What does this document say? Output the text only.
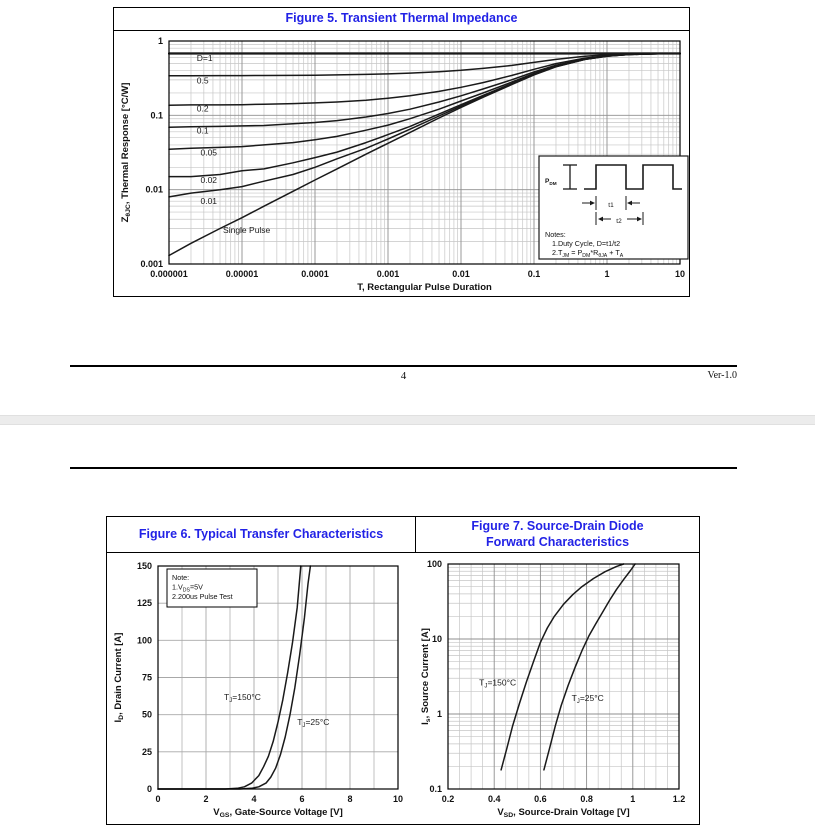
Figure 5. Transient Thermal Impedance
0.000001	0.00001	0.0001	0.001	0.01	0.1	1	10
1
0.1
0.01
0.001
T, Rectangular Pulse Duration
$Z_{\theta JC}$, Thermal Response [°C/W]
D=1
0.5
0.2
0.1
0.05
0.02
0.01
Single Pulse
$P_{DM}$
t1
t2
Notes:
1.Duty Cycle, D=t1/t2
$2.T_{JM} = P_{DM}*R_{\theta JA} + T_A$
4	Ver-1.0
Figure 6. Typical Transfer Characteristics
Figure 7. Source-Drain Diode Forward Characteristics
0	2	4	6	8	10
0
25
50
75
100
125
150
$V_{GS}$, Gate-Source Voltage [V]
$I_D$, Drain Current [A]
Note:
$1.V_{DS}=5V$
2.200us Pulse Test
$T_J=150^\circ C$
$T_J=25^\circ C$
0.2	0.4	0.6	0.8	1	1.2
0.1
1
10
100
$V_{SD}$, Source-Drain Voltage [V]
$I_s$, Source Current [A]	$T_J=150^\circ C$
$T_J=25^\circ C$
